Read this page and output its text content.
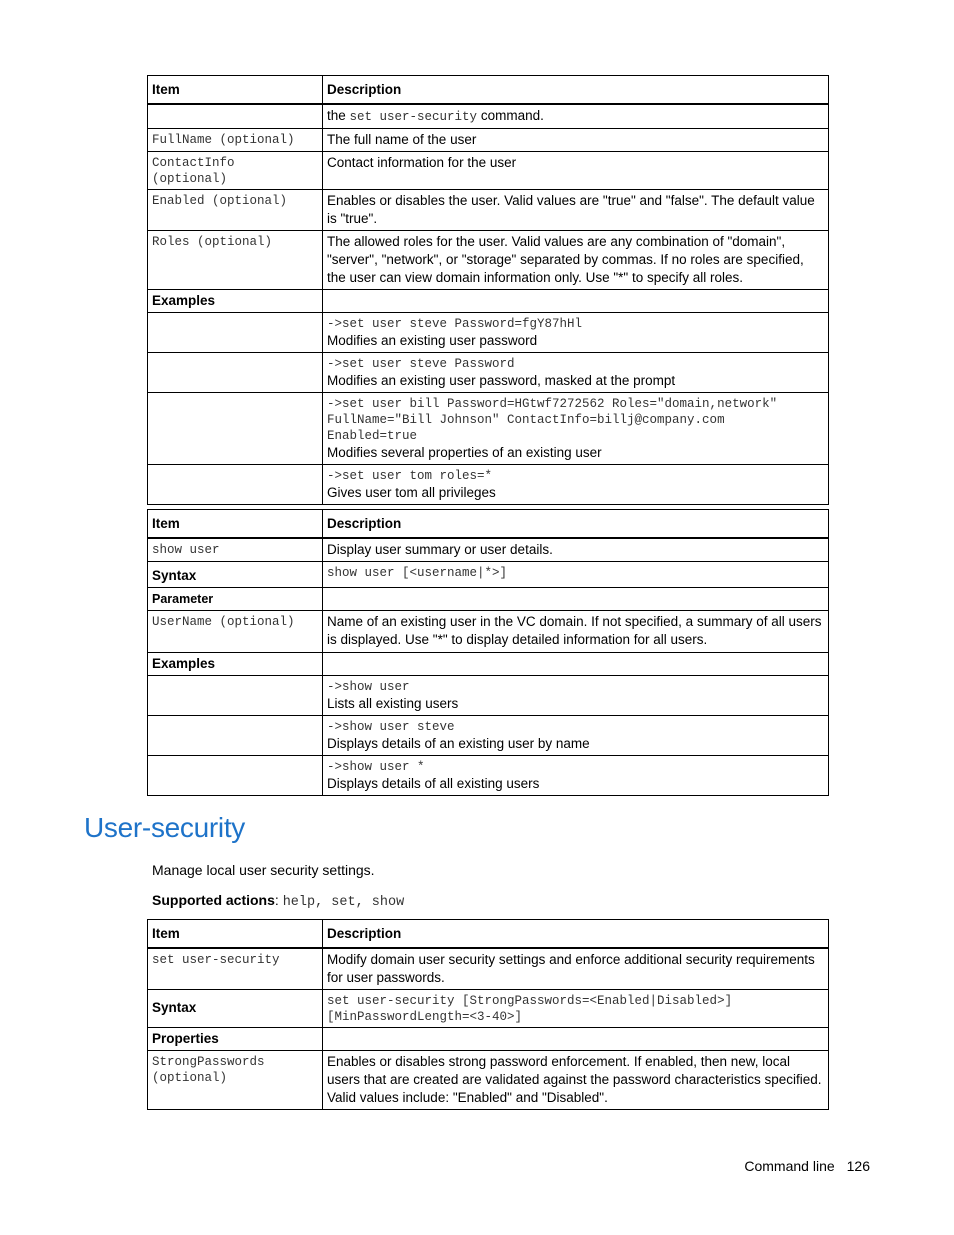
Item	Description
	the set user-security command.

FullName (optional)	The full name of the user

ContactInfo
(optional)	Contact information for the user

Enabled (optional)	Enables or disables the user. Valid values are "true" and "false". The default value is "true".

Roles (optional)	The allowed roles for the user. Valid values are any combination of "domain", "server", "network", or "storage" separated by commas. If no roles are specified, the user can view domain information only. Use "*" to specify all roles.
Examples	

	->set user steve Password=fgY87hHl
Modifies an existing user password

	->set user steve Password
Modifies an existing user password, masked at the prompt

	->set user bill Password=HGtwf7272562 Roles="domain,network"
FullName="Bill Johnson" ContactInfo=billj@company.com
Enabled=true
Modifies several properties of an existing user

	->set user tom roles=*
Gives user tom all privileges
Item	Description

show user	Display user summary or user details.
Syntax	show user [<username|*>]

Parameter	

UserName (optional)	Name of an existing user in the VC domain. If not specified, a summary of all users is displayed. Use "*" to display detailed information for all users.
Examples	

	->show user
Lists all existing users

	->show user steve
Displays details of an existing user by name

	->show user *
Displays details of all existing users
User-security
Manage local user security settings.
Supported actions: help, set, show
Item	Description

set user-security	Modify domain user security settings and enforce additional security requirements for user passwords.
Syntax	set user-security [StrongPasswords=<Enabled|Disabled>]
[MinPasswordLength=<3-40>]

Properties	

StrongPasswords
(optional)	Enables or disables strong password enforcement. If enabled, then new, local users that are created are validated against the password characteristics specified. Valid values include: "Enabled" and "Disabled".
Command line 126
